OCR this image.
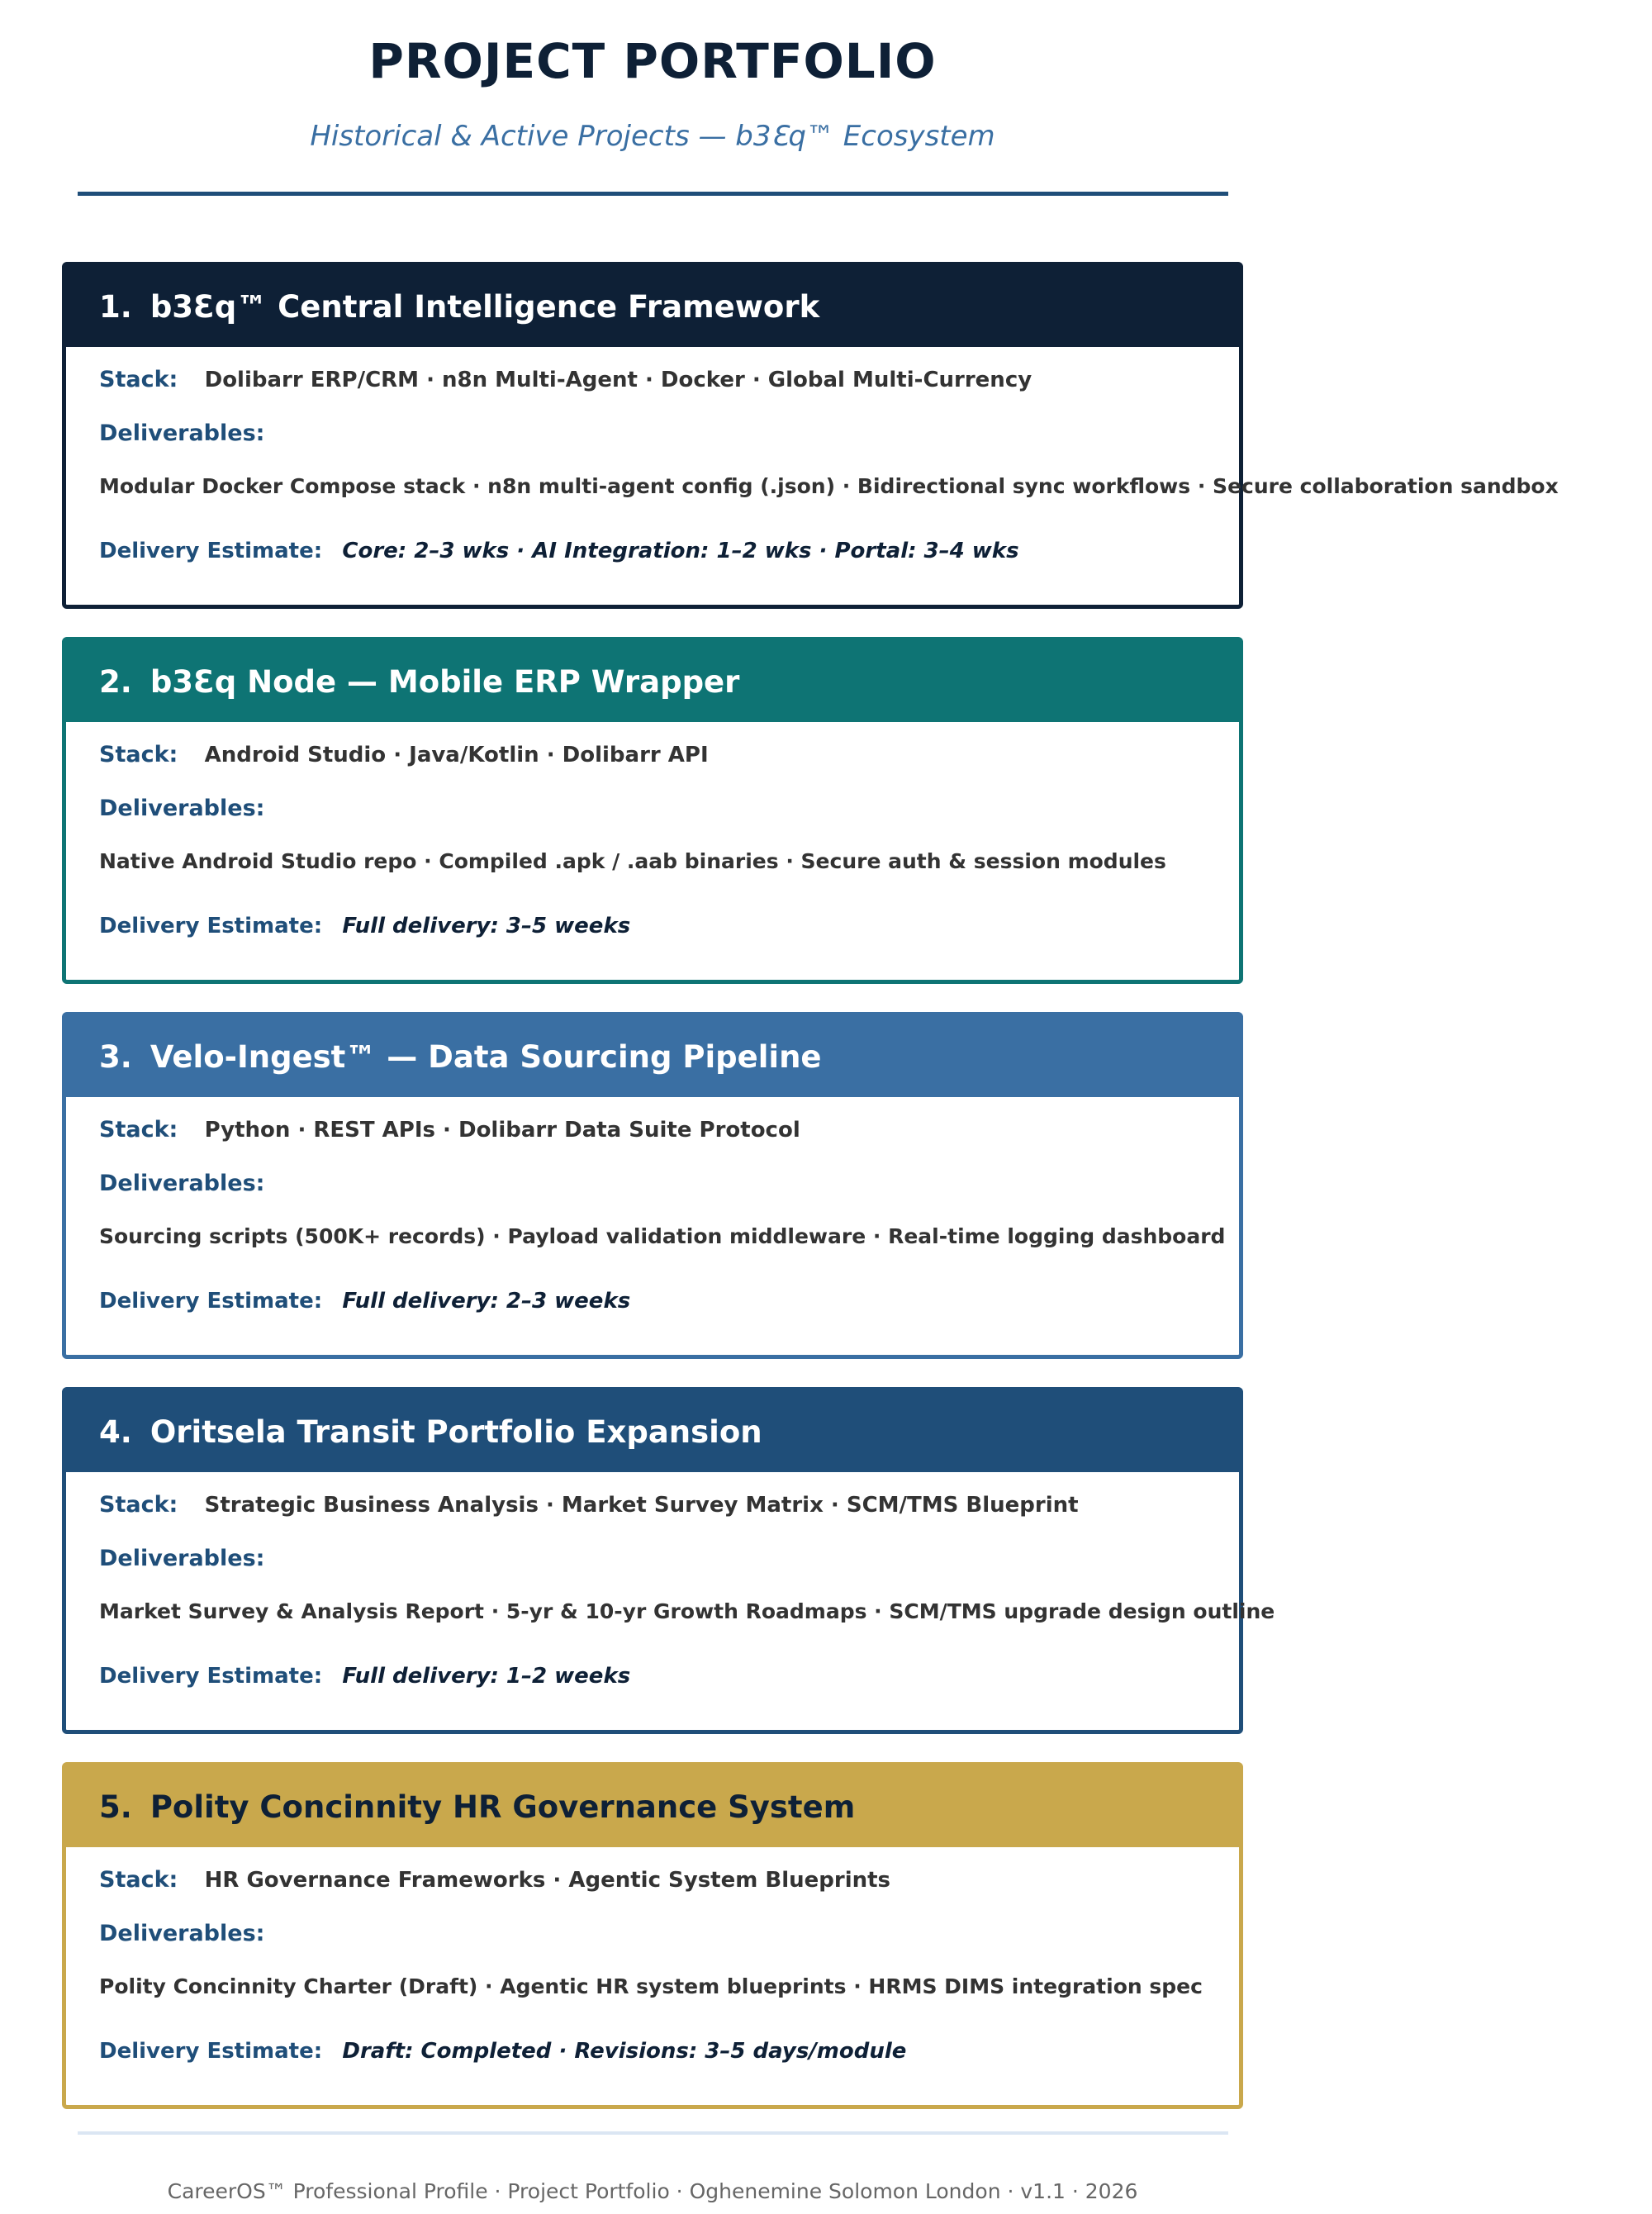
PROJECT PORTFOLIO

Historical & Active Projects — b3Ɛq™ Ecosystem

1. b3Ɛq™ Central Intelligence Framework
Stack: Dolibarr ERP/CRM · n8n Multi-Agent · Docker · Global Multi-Currency
Deliverables:
Modular Docker Compose stack · n8n multi-agent config (.json) · Bidirectional sync workflows · Secure collaboration sandbox
Delivery Estimate: Core: 2–3 wks · AI Integration: 1–2 wks · Portal: 3–4 wks
2. b3Ɛq Node — Mobile ERP Wrapper
Stack: Android Studio · Java/Kotlin · Dolibarr API
Deliverables:
Native Android Studio repo · Compiled .apk / .aab binaries · Secure auth & session modules
Delivery Estimate: Full delivery: 3–5 weeks
3. Velo-Ingest™ — Data Sourcing Pipeline
Stack: Python · REST APIs · Dolibarr Data Suite Protocol
Deliverables:
Sourcing scripts (500K+ records) · Payload validation middleware · Real-time logging dashboard
Delivery Estimate: Full delivery: 2–3 weeks
4. Oritsela Transit Portfolio Expansion
Stack: Strategic Business Analysis · Market Survey Matrix · SCM/TMS Blueprint
Deliverables:
Market Survey & Analysis Report · 5-yr & 10-yr Growth Roadmaps · SCM/TMS upgrade design outline
Delivery Estimate: Full delivery: 1–2 weeks
5. Polity Concinnity HR Governance System
Stack: HR Governance Frameworks · Agentic System Blueprints
Deliverables:
Polity Concinnity Charter (Draft) · Agentic HR system blueprints · HRMS DIMS integration spec
Delivery Estimate: Draft: Completed · Revisions: 3–5 days/module

CareerOS™ Professional Profile · Project Portfolio · Oghenemine Solomon London · v1.1 · 2026
